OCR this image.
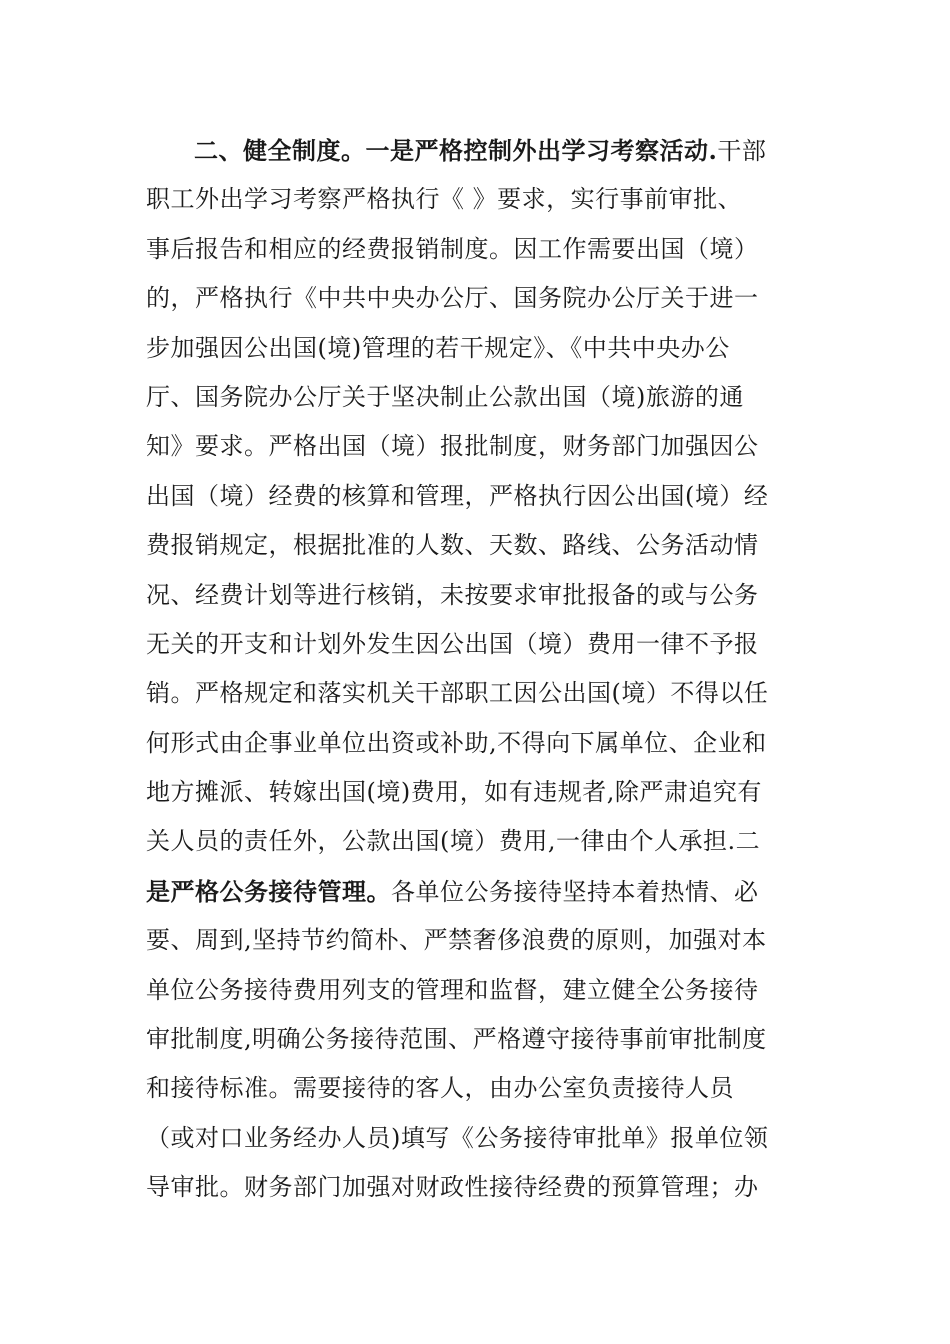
二、健全制度。一是严格控制外出学习考察活动.干部
职工外出学习考察严格执行《 》要求，实行事前审批、
事后报告和相应的经费报销制度。因工作需要出国（境）
的，严格执行《中共中央办公厅、国务院办公厅关于进一
步加强因公出国(境)管理的若干规定》、《中共中央办公
厅、国务院办公厅关于坚决制止公款出国（境)旅游的通
知》要求。严格出国（境）报批制度，财务部门加强因公
出国（境）经费的核算和管理，严格执行因公出国(境）经
费报销规定，根据批准的人数、天数、路线、公务活动情
况、经费计划等进行核销，未按要求审批报备的或与公务
无关的开支和计划外发生因公出国（境）费用一律不予报
销。严格规定和落实机关干部职工因公出国(境）不得以任
何形式由企事业单位出资或补助,不得向下属单位、企业和
地方摊派、转嫁出国(境)费用，如有违规者,除严肃追究有
关人员的责任外，公款出国(境）费用,一律由个人承担.二
是严格公务接待管理。各单位公务接待坚持本着热情、必
要、周到,坚持节约简朴、严禁奢侈浪费的原则，加强对本
单位公务接待费用列支的管理和监督，建立健全公务接待
审批制度,明确公务接待范围、严格遵守接待事前审批制度
和接待标准。需要接待的客人，由办公室负责接待人员
（或对口业务经办人员)填写《公务接待审批单》报单位领
导审批。财务部门加强对财政性接待经费的预算管理；办
